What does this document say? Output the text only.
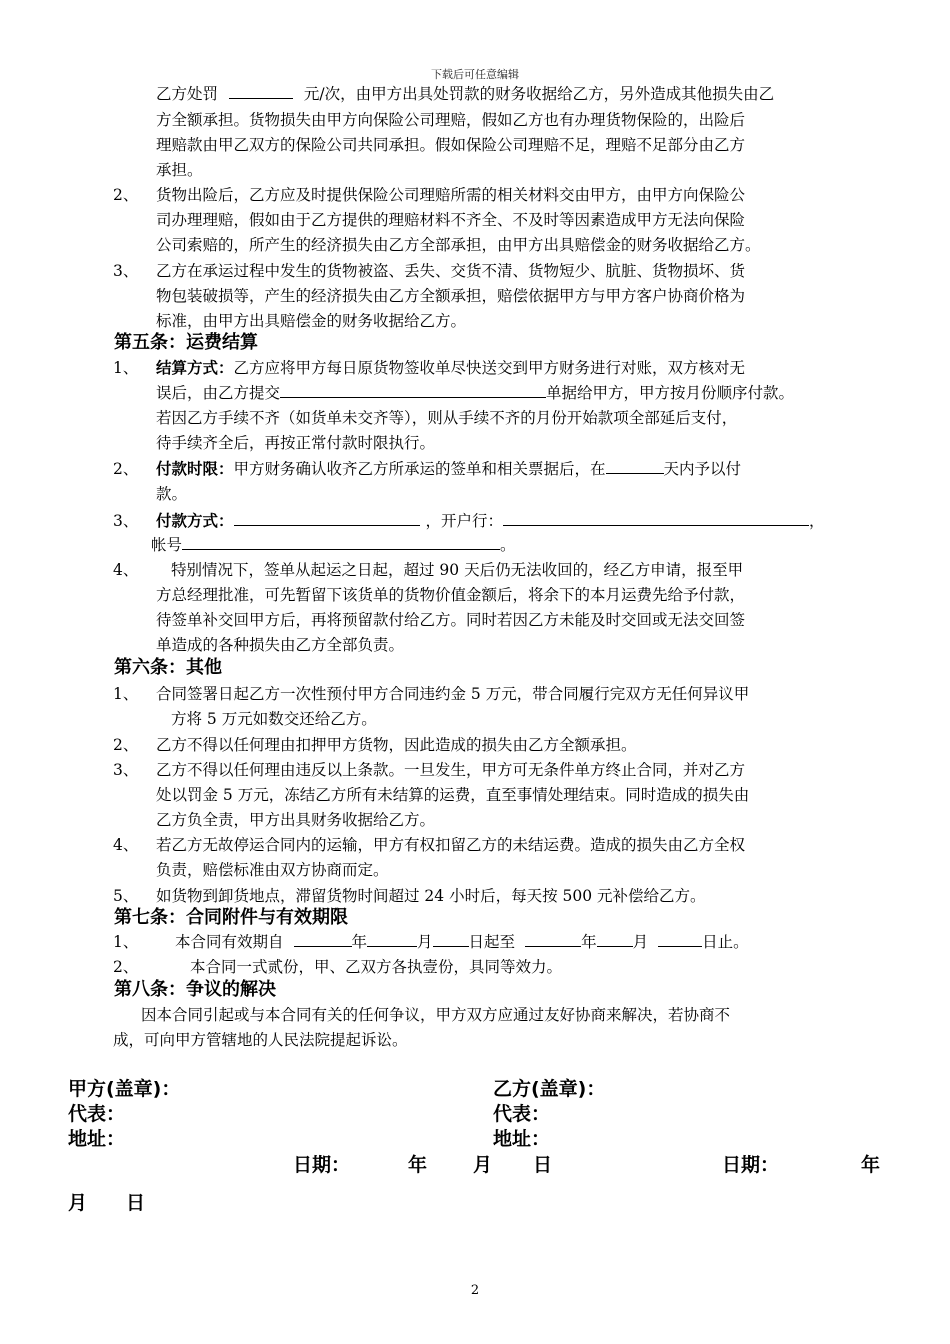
下载后可任意编辑
乙方处罚	元/次，由甲方出具处罚款的财务收据给乙方，另外造成其他损失由乙
方全额承担。货物损失由甲方向保险公司理赔，假如乙方也有办理货物保险的，出险后
理赔款由甲乙双方的保险公司共同承担。假如保险公司理赔不足，理赔不足部分由乙方
承担。
2、 货物出险后，乙方应及时提供保险公司理赔所需的相关材料交由甲方，由甲方向保险公
司办理理赔，假如由于乙方提供的理赔材料不齐全、不及时等因素造成甲方无法向保险
公司索赔的，所产生的经济损失由乙方全部承担，由甲方出具赔偿金的财务收据给乙方。
3、 乙方在承运过程中发生的货物被盗、丢失、交货不清、货物短少、肮脏、货物损坏、货
物包装破损等，产生的经济损失由乙方全额承担，赔偿依据甲方与甲方客户协商价格为
标准，由甲方出具赔偿金的财务收据给乙方。
第五条：运费结算
1、 结算方式：乙方应将甲方每日原货物签收单尽快送交到甲方财务进行对账，双方核对无
误后，由乙方提交	单据给甲方，甲方按月份顺序付款。
若因乙方手续不齐（如货单未交齐等），则从手续不齐的月份开始款项全部延后支付，
待手续齐全后，再按正常付款时限执行。
2、 付款时限：甲方财务确认收齐乙方所承运的签单和相关票据后，在	天内予以付
款。
3、 付款方式：	，开户行：	，
帐号	。
4、 特别情况下，签单从起运之日起，超过 90 天后仍无法收回的，经乙方申请，报至甲
方总经理批准，可先暂留下该货单的货物价值金额后，将余下的本月运费先给予付款，
待签单补交回甲方后，再将预留款付给乙方。同时若因乙方未能及时交回或无法交回签
单造成的各种损失由乙方全部负责。
第六条：其他
1、 合同签署日起乙方一次性预付甲方合同违约金 5 万元，带合同履行完双方无任何异议甲
方将 5 万元如数交还给乙方。
2、 乙方不得以任何理由扣押甲方货物，因此造成的损失由乙方全额承担。
3、 乙方不得以任何理由违反以上条款。一旦发生，甲方可无条件单方终止合同，并对乙方
处以罚金 5 万元，冻结乙方所有未结算的运费，直至事情处理结束。同时造成的损失由
乙方负全责，甲方出具财务收据给乙方。
4、 若乙方无故停运合同内的运输，甲方有权扣留乙方的未结运费。造成的损失由乙方全权
负责，赔偿标准由双方协商而定。
5、 如货物到卸货地点，滞留货物时间超过 24 小时后，每天按 500 元补偿给乙方。
第七条：合同附件与有效期限
1、 本合同有效期自	年	月 日起至	年 月	日止。
2、	本合同一式贰份，甲、乙双方各执壹份，具同等效力。
第八条：争议的解决
因本合同引起或与本合同有关的任何争议，甲方双方应通过友好协商来解决，若协商不
成，可向甲方管辖地的人民法院提起诉讼。
甲方(盖章)：	乙方(盖章)：
代表：	代表：
地址：	地址：
日期：	年 月 日	日期：	年
月 日
2
